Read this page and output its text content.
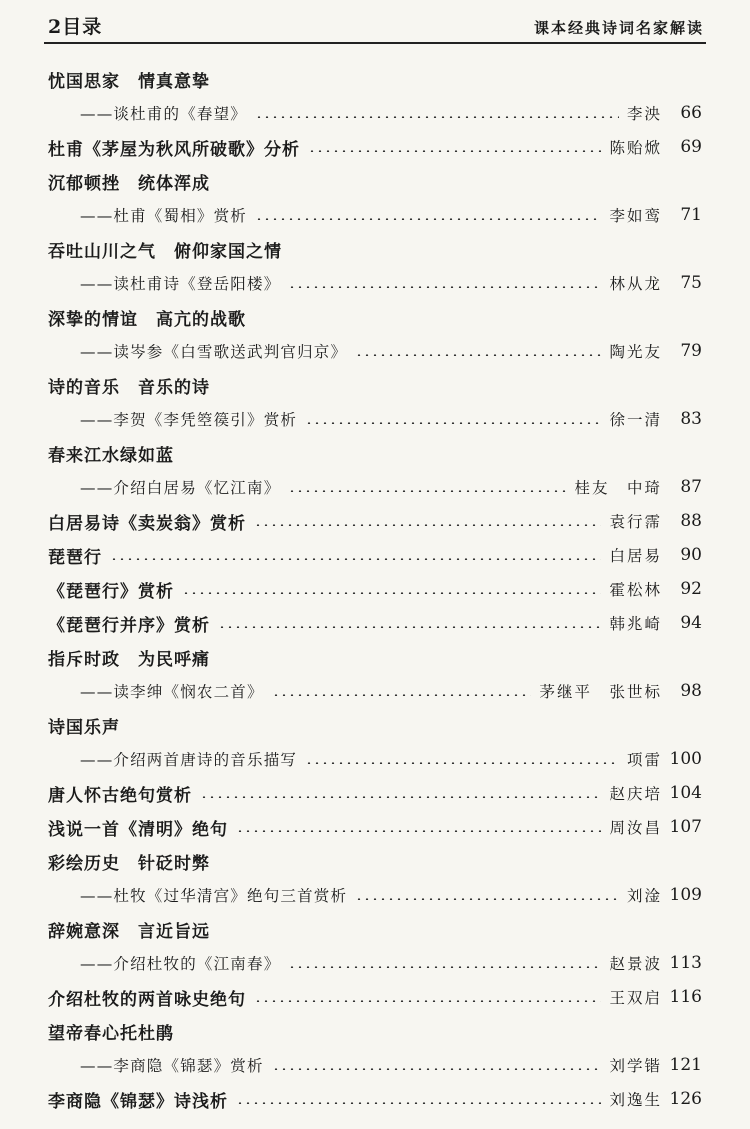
2目录	课本经典诗词名家解读
忧国思家　情真意挚
——谈杜甫的《春望》	李泱	66
杜甫《茅屋为秋风所破歌》分析	陈贻焮	69
沉郁顿挫　统体浑成
——杜甫《蜀相》赏析	李如鸾	71
吞吐山川之气　俯仰家国之情
——读杜甫诗《登岳阳楼》	林从龙	75
深挚的情谊　高亢的战歌
——读岑参《白雪歌送武判官归京》	陶光友	79
诗的音乐　音乐的诗
——李贺《李凭箜篌引》赏析	徐一清	83
春来江水绿如蓝
——介绍白居易《忆江南》	桂友　中琦	87
白居易诗《卖炭翁》赏析	袁行霈	88
琵琶行	白居易	90
《琵琶行》赏析	霍松林	92
《琵琶行并序》赏析	韩兆崎	94
指斥时政　为民呼痛
——读李绅《悯农二首》	茅继平　张世标	98
诗国乐声
——介绍两首唐诗的音乐描写	项雷 100
唐人怀古绝句赏析	赵庆培 104
浅说一首《清明》绝句	周汝昌 107
彩绘历史　针砭时弊
——杜牧《过华清宫》绝句三首赏析	刘淦 109
辞婉意深　言近旨远
——介绍杜牧的《江南春》	赵景波 113
介绍杜牧的两首咏史绝句	王双启 116
望帝春心托杜鹃
——李商隐《锦瑟》赏析	刘学锴 121
李商隐《锦瑟》诗浅析	刘逸生 126
